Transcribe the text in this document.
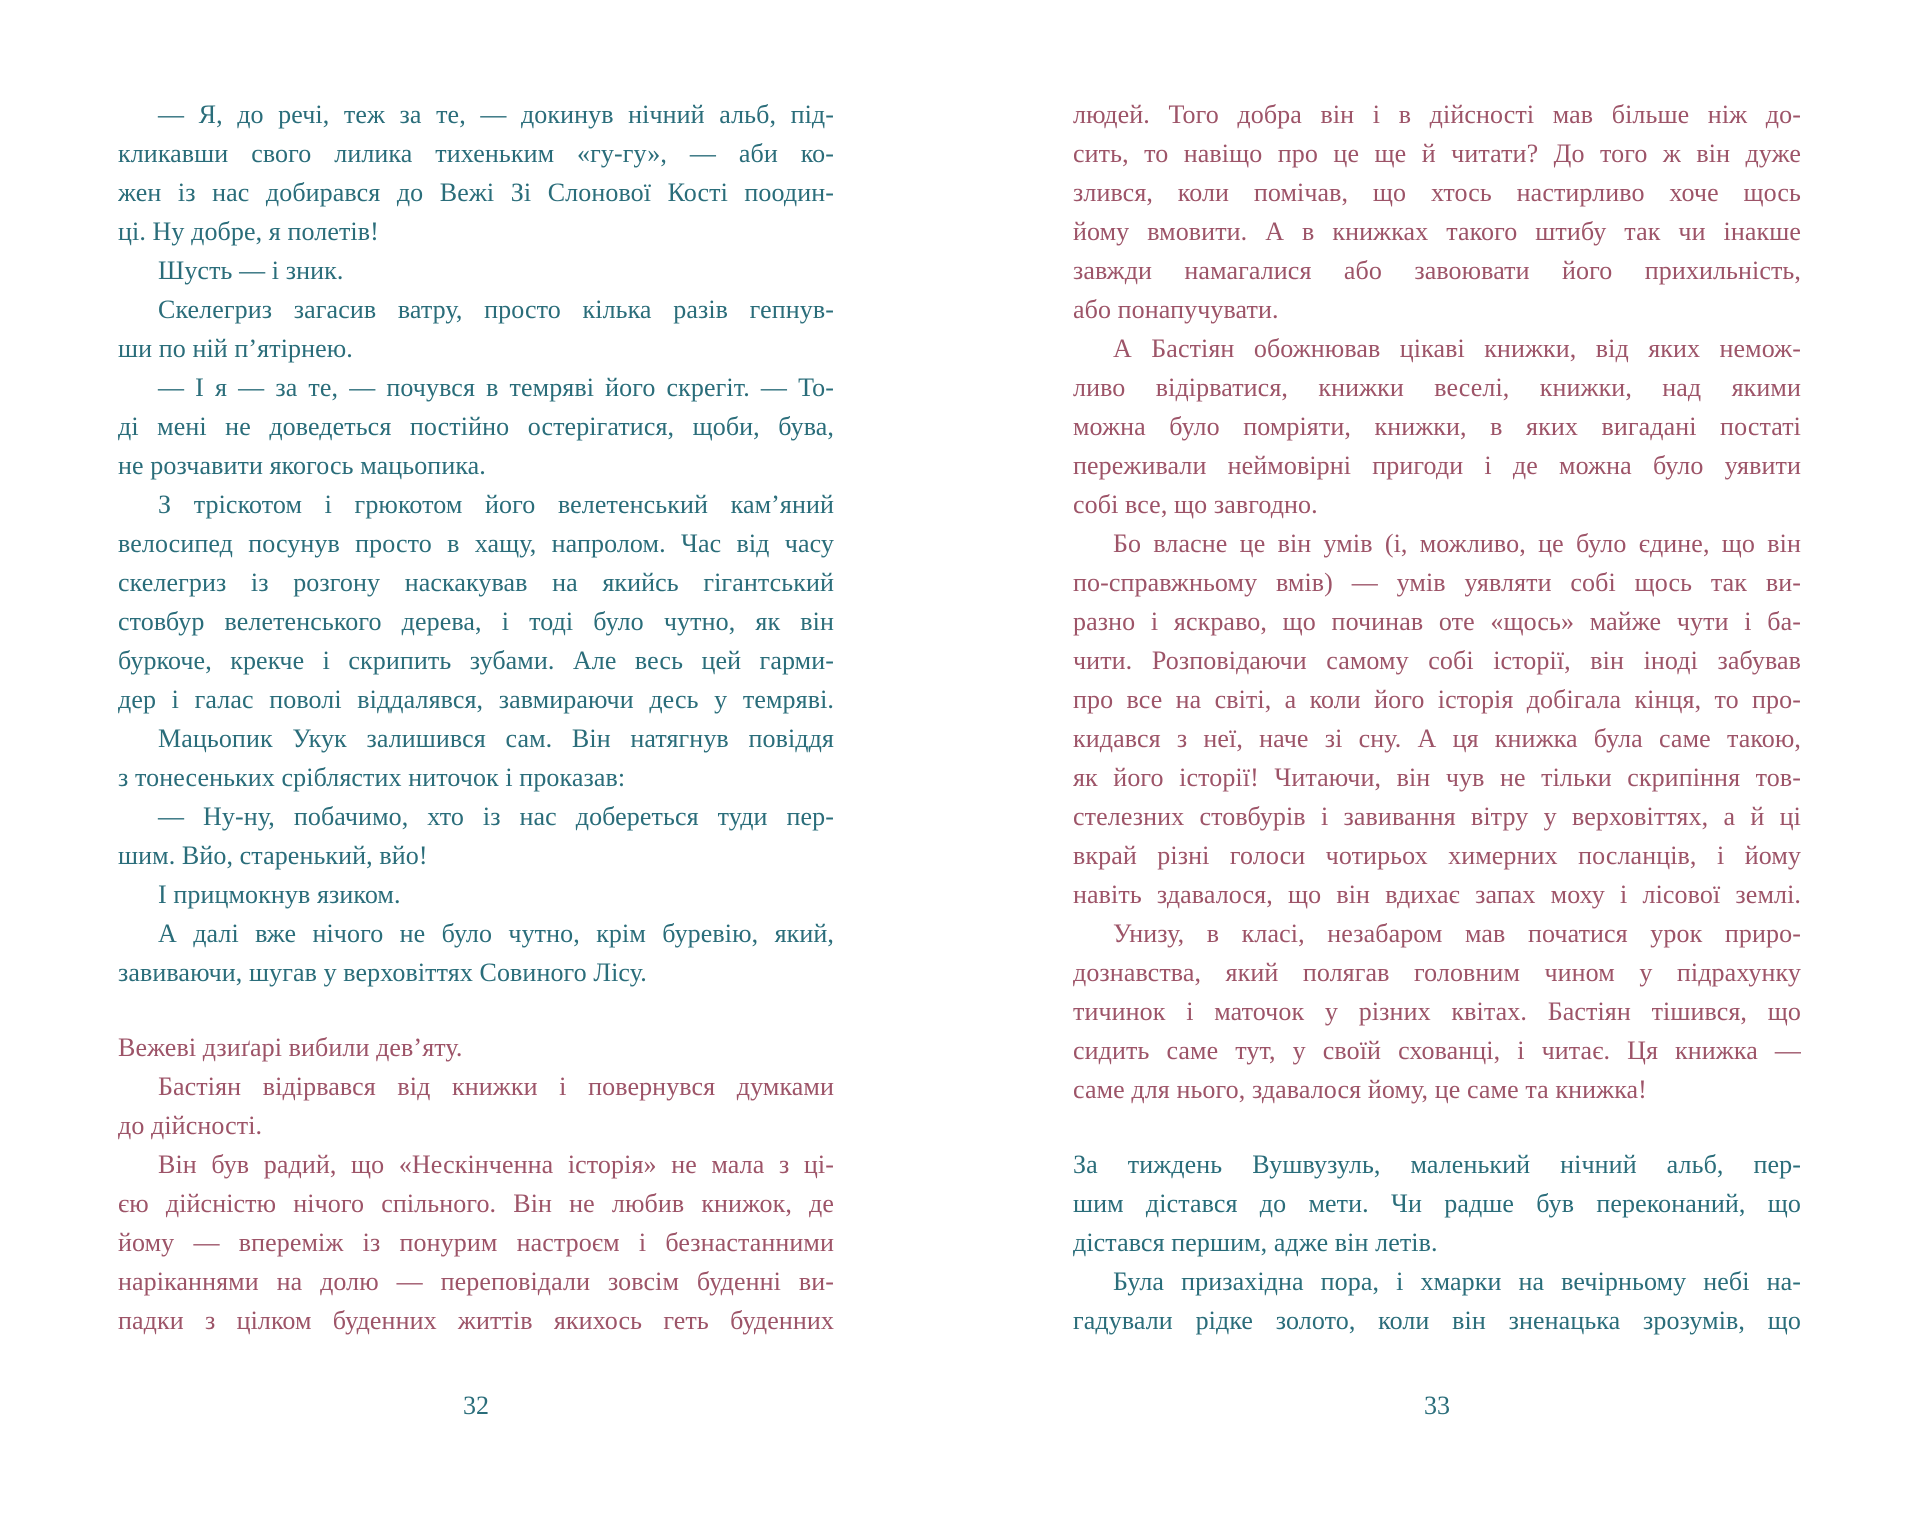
— Я, до речі, теж за те, — докинув нічний альб, під-
кликавши свого лилика тихеньким «гу-гу», — аби ко-
жен із нас добирався до Вежі Зі Слонової Кості поодин-
ці. Ну добре, я полетів!
Шусть — і зник.
Скелегриз загасив ватру, просто кілька разів гепнув-
ши по ній п’ятірнею.
— І я — за те, — почувся в темряві його скрегіт. — То-
ді мені не доведеться постійно остерігатися, щоби, бува,
не розчавити якогось мацьопика.
З тріскотом і грюкотом його велетенський кам’яний
велосипед посунув просто в хащу, напролом. Час від часу
скелегриз із розгону наскакував на якийсь гігантський
стовбур велетенського дерева, і тоді було чутно, як він
буркоче, крекче і скрипить зубами. Але весь цей гарми-
дер і галас поволі віддалявся, завмираючи десь у темряві.
Мацьопик Укук залишився сам. Він натягнув повіддя
з тонесеньких сріблястих ниточок і проказав:
— Ну-ну, побачимо, хто із нас добереться туди пер-
шим. Вйо, старенький, вйо!
І прицмокнув язиком.
А далі вже нічого не було чутно, крім буревію, який,
завиваючи, шугав у верховіттях Совиного Лісу.
Вежеві дзиґарі вибили дев’яту.
Бастіян відірвався від книжки і повернувся думками
до дійсності.
Він був радий, що «Нескінченна історія» не мала з ці-
єю дійсністю нічого спільного. Він не любив книжок, де
йому — впереміж із понурим настроєм і безнастанними
наріканнями на долю — переповідали зовсім буденні ви-
падки з цілком буденних життів якихось геть буденних
32
людей. Того добра він і в дійсності мав більше ніж до-
сить, то навіщо про це ще й читати? До того ж він дуже
злився, коли помічав, що хтось настирливо хоче щось
йому вмовити. А в книжках такого штибу так чи інакше
завжди намагалися або завоювати його прихильність,
або понапучувати.
А Бастіян обожнював цікаві книжки, від яких немож-
ливо відірватися, книжки веселі, книжки, над якими
можна було помріяти, книжки, в яких вигадані постаті
переживали неймовірні пригоди і де можна було уявити
собі все, що завгодно.
Бо власне це він умів (і, можливо, це було єдине, що він
по-справжньому вмів) — умів уявляти собі щось так ви-
разно і яскраво, що починав оте «щось» майже чути і ба-
чити. Розповідаючи самому собі історії, він іноді забував
про все на світі, а коли його історія добігала кінця, то про-
кидався з неї, наче зі сну. А ця книжка була саме такою,
як його історії! Читаючи, він чув не тільки скрипіння тов-
стелезних стовбурів і завивання вітру у верховіттях, а й ці
вкрай різні голоси чотирьох химерних посланців, і йому
навіть здавалося, що він вдихає запах моху і лісової землі.
Унизу, в класі, незабаром мав початися урок приро-
дознавства, який полягав головним чином у підрахунку
тичинок і маточок у різних квітах. Бастіян тішився, що
сидить саме тут, у своїй схованці, і читає. Ця книжка —
саме для нього, здавалося йому, це саме та книжка!
За тиждень Вушвузуль, маленький нічний альб, пер-
шим дістався до мети. Чи радше був переконаний, що
дістався першим, адже він летів.
Була призахідна пора, і хмарки на вечірньому небі на-
гадували рідке золото, коли він зненацька зрозумів, що
33
